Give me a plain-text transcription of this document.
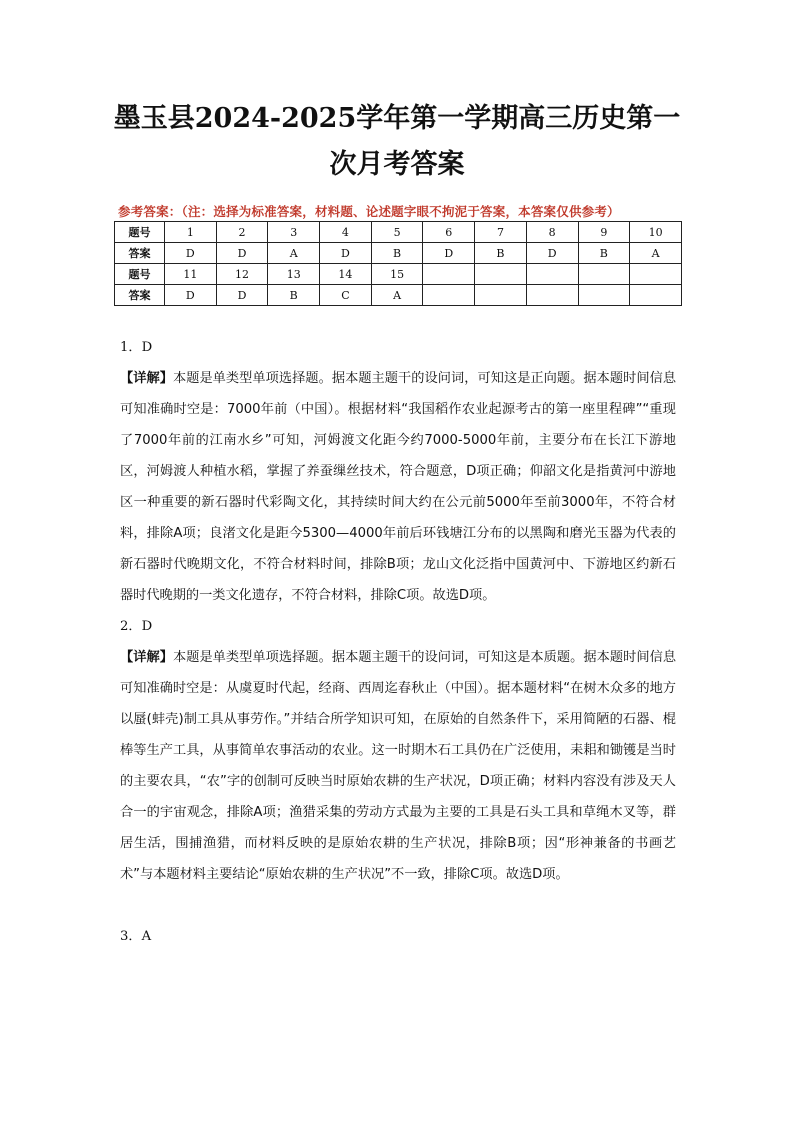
墨玉县2024-2025学年第一学期高三历史第一
次月考答案
参考答案：（注：选择为标准答案，材料题、论述题字眼不拘泥于答案，本答案仅供参考）
题号	1	2	3	4	5	6	7	8	9	10
答案	D	D	A	D	B	D	B	D	B	A
题号	11	12	13	14	15					
答案	D	D	B	C	A					
1．D

【详解】本题是单类型单项选择题。据本题主题干的设问词，可知这是正向题。据本题时间信息可知准确时空是：7000年前（中国）。根据材料“我国稻作农业起源考古的第一座里程碑”“重现了7000年前的江南水乡”可知，河姆渡文化距今约7000-5000年前，主要分布在长江下游地区，河姆渡人种植水稻，掌握了养蚕缫丝技术，符合题意，D项正确；仰韶文化是指黄河中游地区一种重要的新石器时代彩陶文化，其持续时间大约在公元前5000年至前3000年，不符合材料，排除A项；良渚文化是距今5300—4000年前后环钱塘江分布的以黑陶和磨光玉器为代表的新石器时代晚期文化，不符合材料时间，排除B项；龙山文化泛指中国黄河中、下游地区约新石器时代晚期的一类文化遗存，不符合材料，排除C项。故选D项。

2．D

【详解】本题是单类型单项选择题。据本题主题干的设问词，可知这是本质题。据本题时间信息可知准确时空是：从虞夏时代起，经商、西周迄春秋止（中国）。据本题材料“在树木众多的地方以蜃(蚌壳)制工具从事劳作。”并结合所学知识可知，在原始的自然条件下，采用简陋的石器、棍棒等生产工具，从事简单农事活动的农业。这一时期木石工具仍在广泛使用，耒耜和锄镬是当时的主要农具，“农”字的创制可反映当时原始农耕的生产状况，D项正确；材料内容没有涉及天人合一的宇宙观念，排除A项；渔猎采集的劳动方式最为主要的工具是石头工具和草绳木叉等，群居生活，围捕渔猎，而材料反映的是原始农耕的生产状况，排除B项；因“形神兼备的书画艺术”与本题材料主要结论“原始农耕的生产状况”不一致，排除C项。故选D项。

3．A
